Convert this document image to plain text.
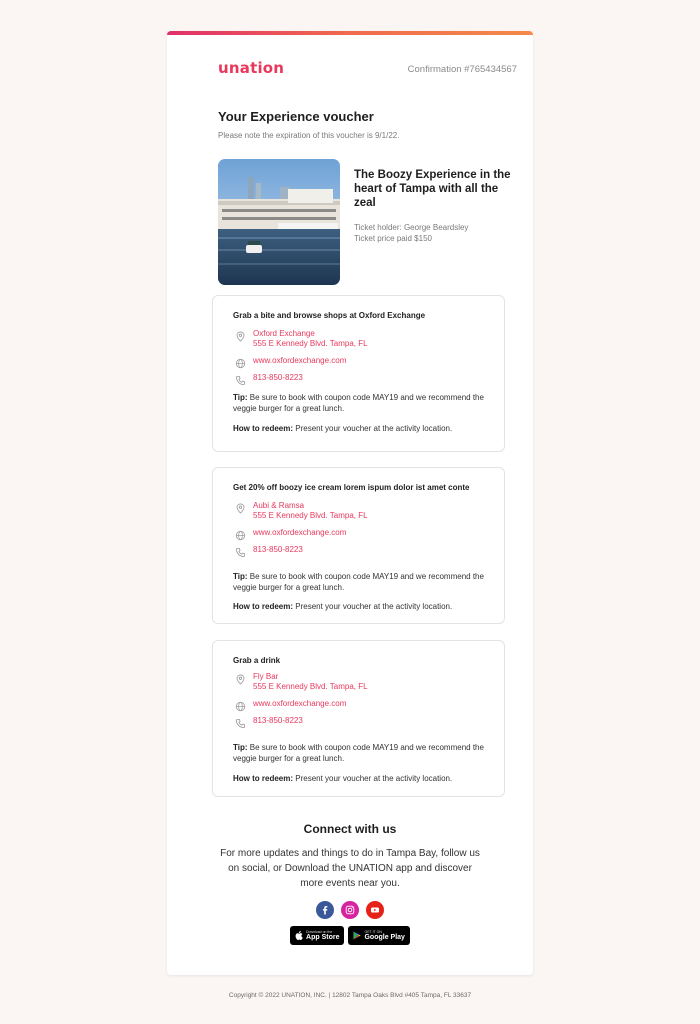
unation	Confirmation #765434567
Your Experience voucher
Please note the expiration of this voucher is 9/1/22.
The Boozy Experience in the heart of Tampa with all the zeal
Ticket holder: George Beardsley
Ticket price paid $150
Grab a bite and browse shops at Oxford Exchange
Oxford Exchange
555 E Kennedy Blvd. Tampa, FL
www.oxfordexchange.com
813-850-8223
Tip: Be sure to book with coupon code MAY19 and we recommend the veggie burger for a great lunch.
How to redeem: Present your voucher at the activity location.
Get 20% off boozy ice cream lorem ispum dolor ist amet conte
Aubi & Ramsa
555 E Kennedy Blvd. Tampa, FL
www.oxfordexchange.com
813-850-8223
Tip: Be sure to book with coupon code MAY19 and we recommend the veggie burger for a great lunch.
How to redeem: Present your voucher at the activity location.
Grab a drink
Fly Bar
555 E Kennedy Blvd. Tampa, FL
www.oxfordexchange.com
813-850-8223
Tip: Be sure to book with coupon code MAY19 and we recommend the veggie burger for a great lunch.
How to redeem: Present your voucher at the activity location.
Connect with us
For more updates and things to do in Tampa Bay, follow us on social, or Download the UNATION app and discover more events near you.
Download on the
App Store
GET IT ON
Google Play
Copyright © 2022 UNATION, INC. | 12802 Tampa Oaks Blvd #405 Tampa, FL 33637
